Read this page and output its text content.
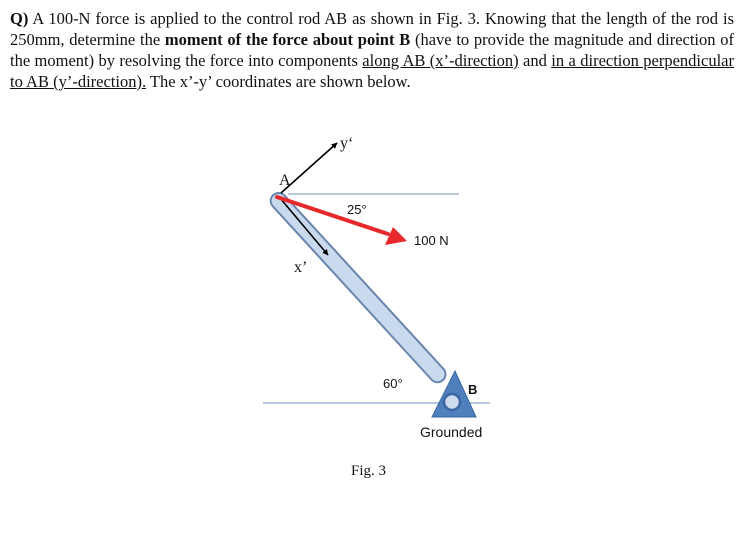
Q) A 100-N force is applied to the control rod AB as shown in Fig. 3. Knowing that the length of the rod is 250mm, determine the moment of the force about point B (have to provide the magnitude and direction of the moment) by resolving the force into components along AB (x’-direction) and in a direction perpendicular to AB (y’-direction). The x’-y’ coordinates are shown below.
y‘
A
25°
100 N
x’
60°	B
Grounded
Fig. 3
